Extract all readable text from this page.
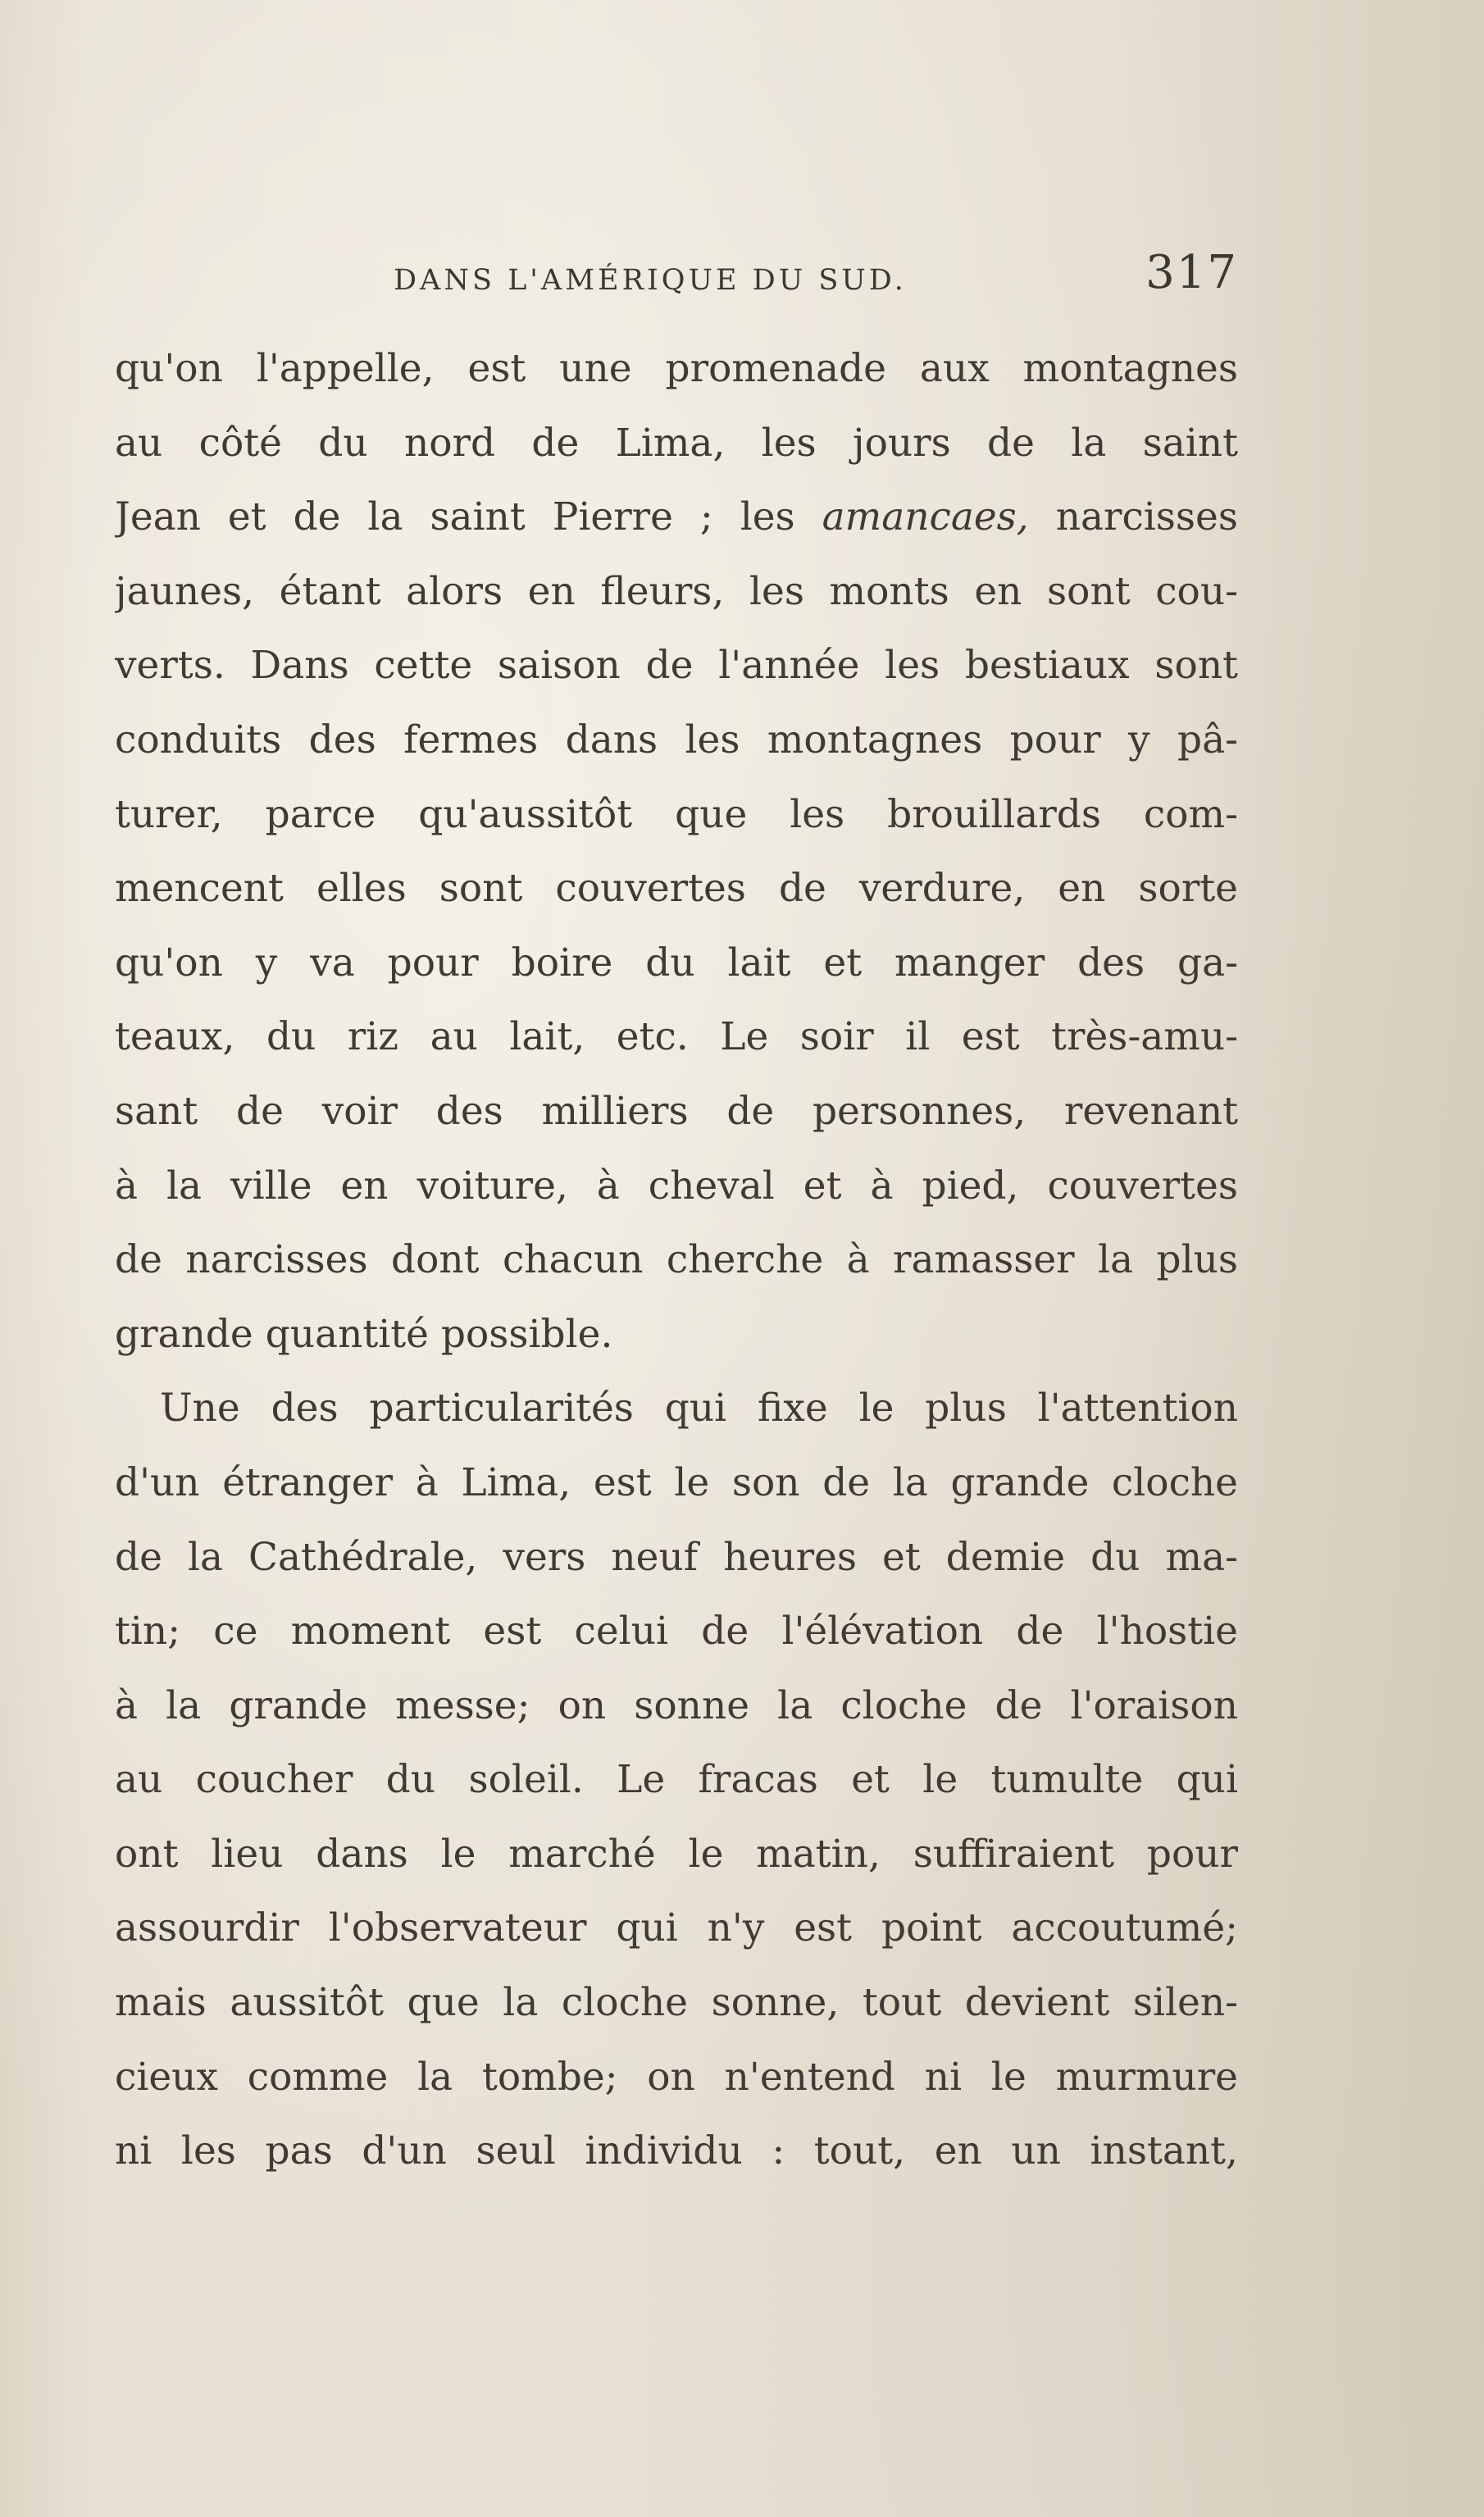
DANS L'AMÉRIQUE DU SUD.	317
qu'on l'appelle, est une promenade aux montagnes
au côté du nord de Lima, les jours de la saint
Jean et de la saint Pierre ; les amancaes, narcisses
jaunes, étant alors en fleurs, les monts en sont cou-
verts. Dans cette saison de l'année les bestiaux sont
conduits des fermes dans les montagnes pour y pâ-
turer, parce qu'aussitôt que les brouillards com-
mencent elles sont couvertes de verdure, en sorte
qu'on y va pour boire du lait et manger des ga-
teaux, du riz au lait, etc. Le soir il est très-amu-
sant de voir des milliers de personnes, revenant
à la ville en voiture, à cheval et à pied, couvertes
de narcisses dont chacun cherche à ramasser la plus
grande quantité possible.
Une des particularités qui fixe le plus l'attention
d'un étranger à Lima, est le son de la grande cloche
de la Cathédrale, vers neuf heures et demie du ma-
tin; ce moment est celui de l'élévation de l'hostie
à la grande messe; on sonne la cloche de l'oraison
au coucher du soleil. Le fracas et le tumulte qui
ont lieu dans le marché le matin, suffiraient pour
assourdir l'observateur qui n'y est point accoutumé;
mais aussitôt que la cloche sonne, tout devient silen-
cieux comme la tombe; on n'entend ni le murmure
ni les pas d'un seul individu : tout, en un instant,
